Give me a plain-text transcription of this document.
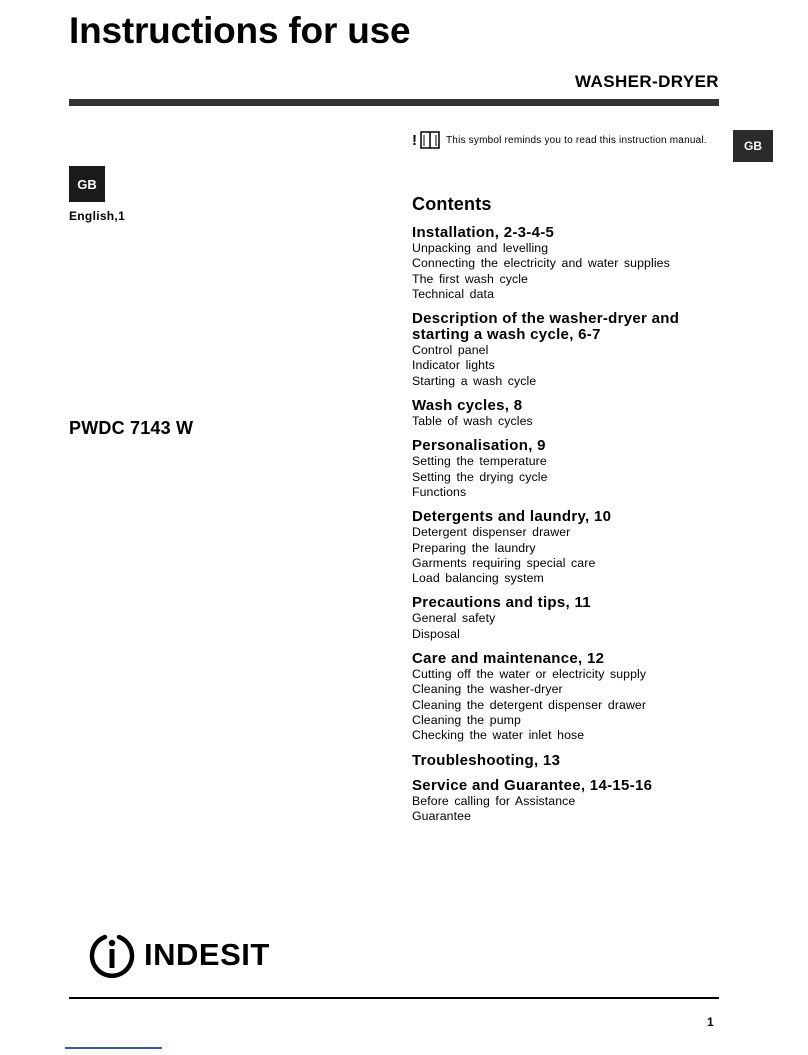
Instructions for use
WASHER-DRYER
GB
GB
English,1
PWDC 7143 W
!	This symbol reminds you to read this instruction manual.
Contents
Installation, 2-3-4-5
Unpacking and levelling
Connecting the electricity and water supplies
The first wash cycle
Technical data
Description of the washer-dryer and starting a wash cycle, 6-7
Control panel
Indicator lights
Starting a wash cycle
Wash cycles, 8
Table of wash cycles
Personalisation, 9
Setting the temperature
Setting the drying cycle
Functions
Detergents and laundry, 10
Detergent dispenser drawer
Preparing the laundry
Garments requiring special care
Load balancing system
Precautions and tips, 11
General safety
Disposal
Care and maintenance, 12
Cutting off the water or electricity supply
Cleaning the washer-dryer
Cleaning the detergent dispenser drawer
Cleaning the pump
Checking the water inlet hose
Troubleshooting, 13
Service and Guarantee, 14-15-16
Before calling for Assistance
Guarantee
INDESIT
1
